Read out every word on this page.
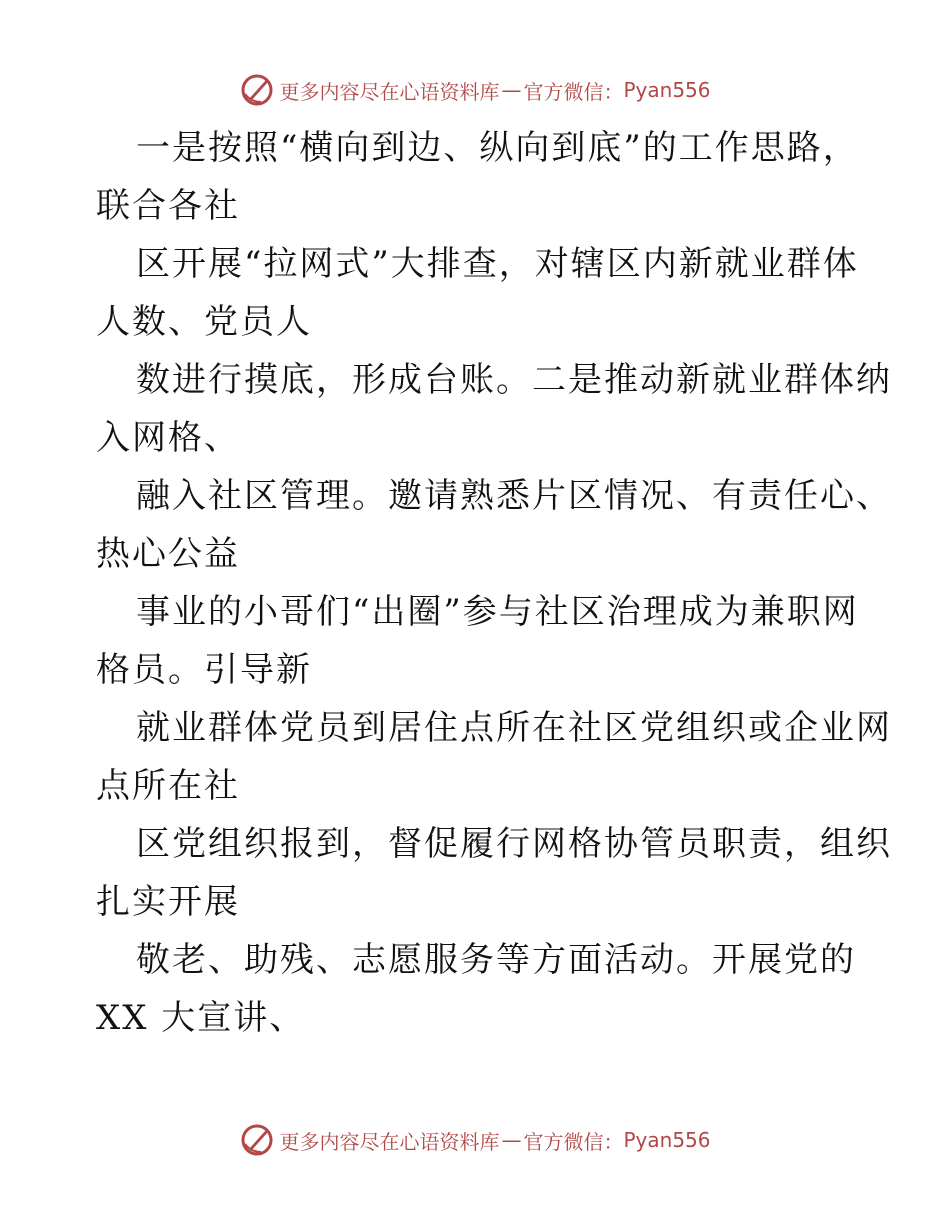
更多内容尽在心语资料库 — 官方微信： Pyan556
一是按照“横向到边、纵向到底”的工作思路，
联合各社
区开展“拉网式”大排查，对辖区内新就业群体
人数、党员人
数进行摸底，形成台账。二是推动新就业群体纳
入网格、
融入社区管理。邀请熟悉片区情况、有责任心、
热心公益
事业的小哥们“出圈”参与社区治理成为兼职网
格员。引导新
就业群体党员到居住点所在社区党组织或企业网
点所在社
区党组织报到，督促履行网格协管员职责，组织
扎实开展
敬老、助残、志愿服务等方面活动。开展党的
XX 大宣讲、
更多内容尽在心语资料库 — 官方微信： Pyan556
